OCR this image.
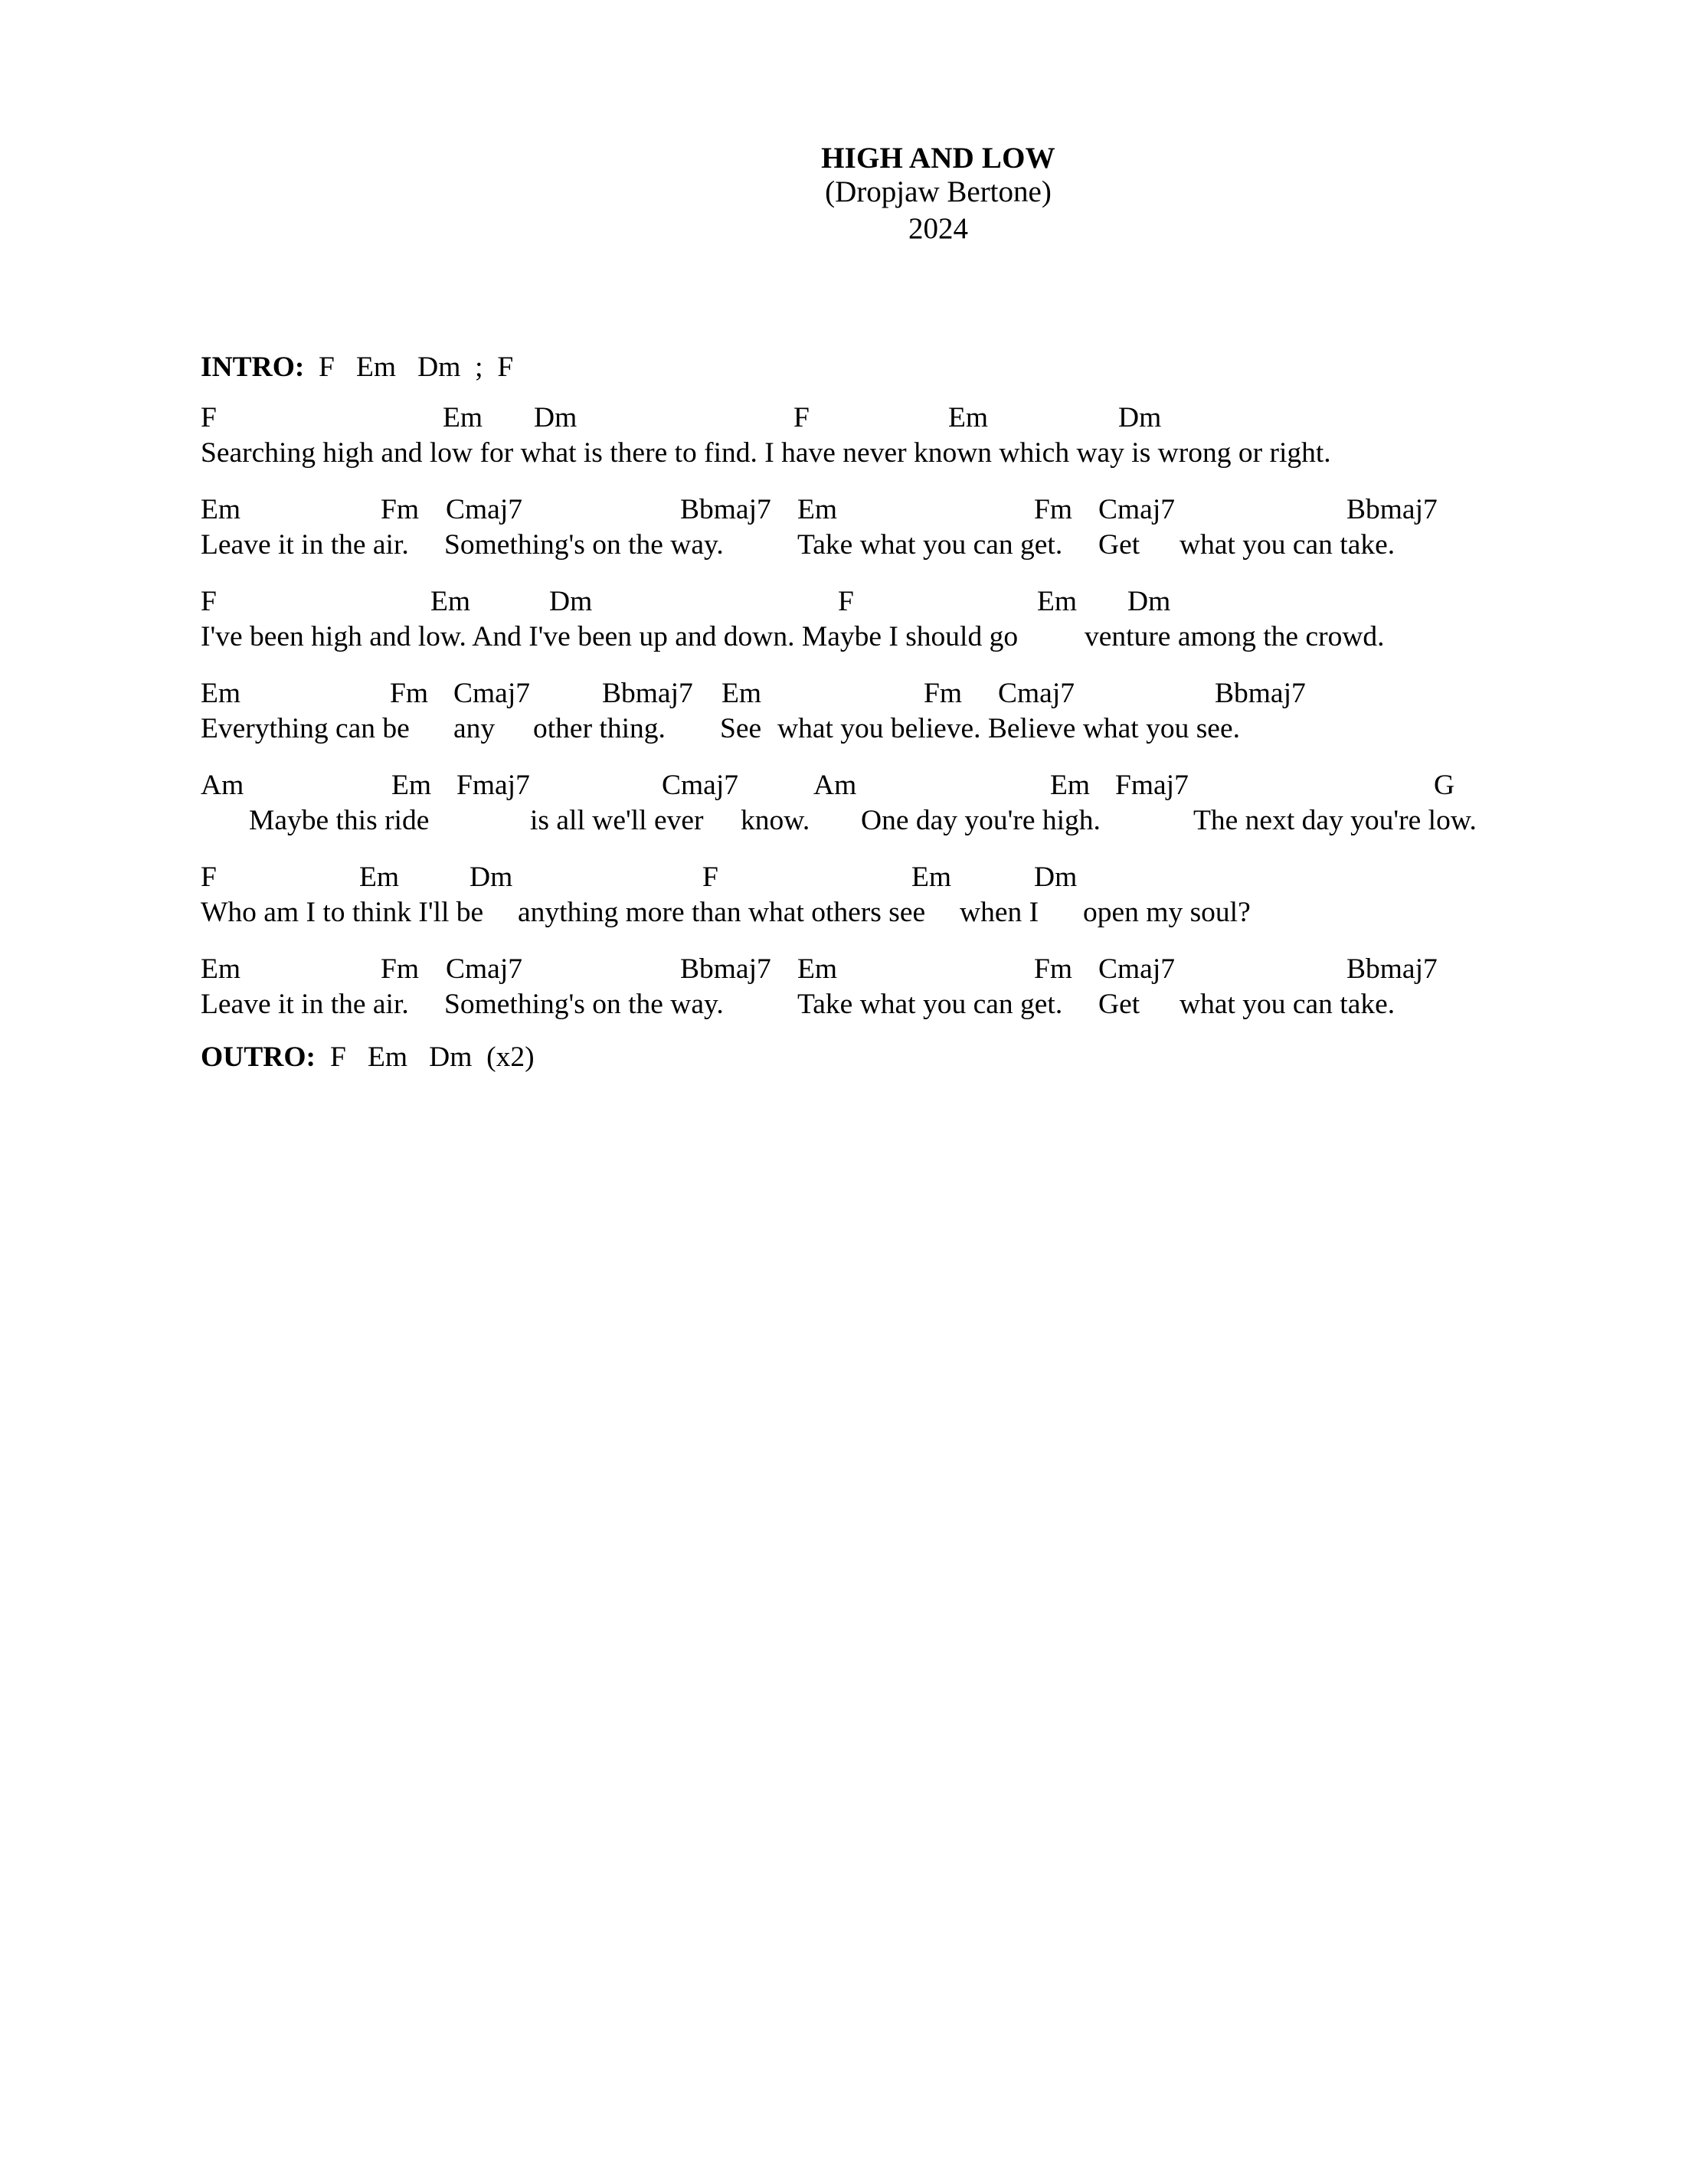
HIGH AND LOW
(Dropjaw Bertone)
2024
INTRO: F   Em   Dm  ;  F
F	Em Dm	F	Em	Dm
Searching high and low for what is there to find. I have never known which way is wrong or right.
Em	Fm Cmaj7	Bbmaj7 Em	Fm Cmaj7	Bbmaj7
Leave it in the air. Something's on the way.	Take what you can get. Get what you can take.
F	Em	Dm	F	Em Dm
I've been high and low. And I've been up and down. Maybe I should go venture among the crowd.
Em	Fm Cmaj7	Bbmaj7 Em	Fm Cmaj7	Bbmaj7
Everything can be any other thing. See what you believe. Believe what you see.
Am	Em Fmaj7	Cmaj7	Am	Em Fmaj7	G
Maybe this ride	is all we'll ever know. One day you're high.	The next day you're low.
F	Em Dm	F	Em	Dm
Who am I to think I'll be anything more than what others see when I open my soul?
Em	Fm Cmaj7	Bbmaj7 Em	Fm Cmaj7	Bbmaj7
Leave it in the air. Something's on the way.	Take what you can get. Get what you can take.
OUTRO: F   Em   Dm  (x2)
